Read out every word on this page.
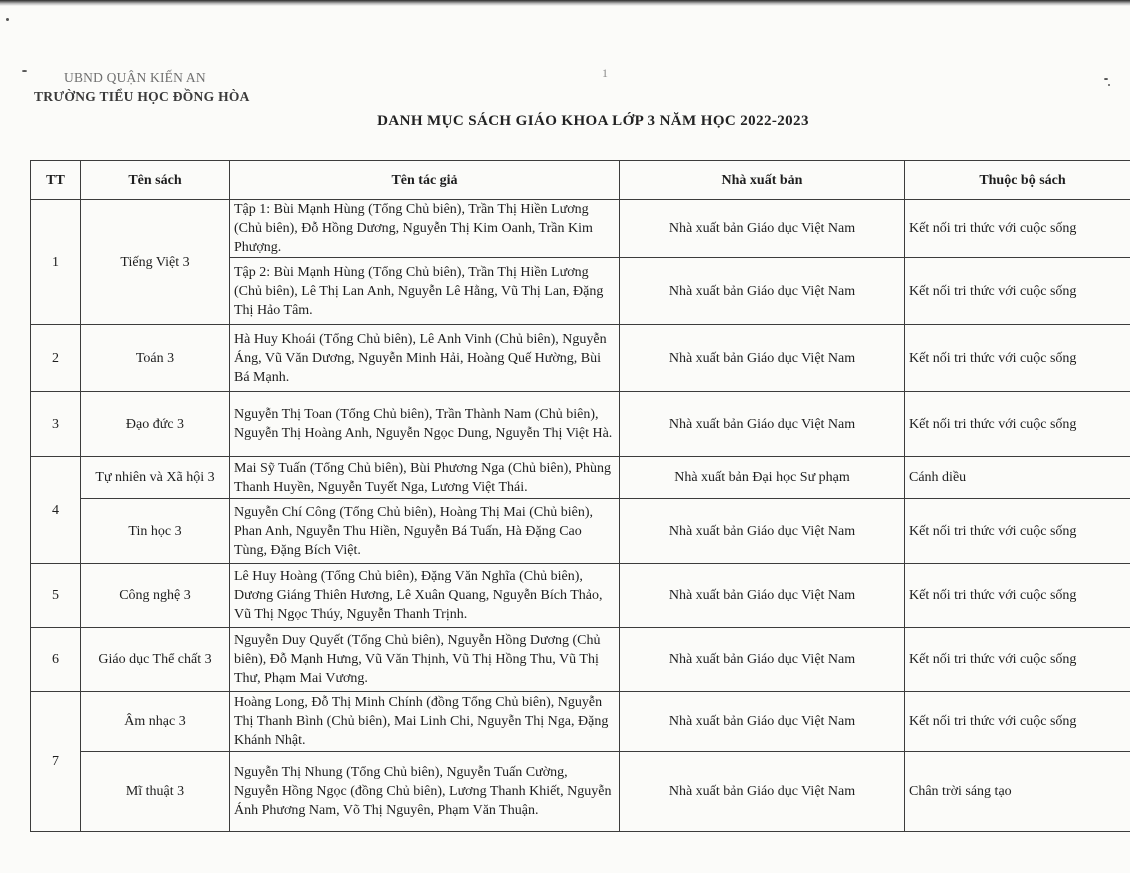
UBND QUẬN KIẾN AN
TRƯỜNG TIỂU HỌC ĐỒNG HÒA
1
DANH MỤC SÁCH GIÁO KHOA LỚP 3 NĂM HỌC 2022-2023
TT	Tên sách	Tên tác giả	Nhà xuất bản	Thuộc bộ sách
1	Tiếng Việt 3	Tập 1: Bùi Mạnh Hùng (Tổng Chủ biên), Trần Thị Hiền Lương (Chủ biên), Đỗ Hồng Dương, Nguyễn Thị Kim Oanh, Trần Kim Phượng.	Nhà xuất bản Giáo dục Việt Nam	Kết nối tri thức với cuộc sống
		Tập 2: Bùi Mạnh Hùng (Tổng Chủ biên), Trần Thị Hiền Lương (Chủ biên), Lê Thị Lan Anh, Nguyễn Lê Hằng, Vũ Thị Lan, Đặng Thị Hảo Tâm.	Nhà xuất bản Giáo dục Việt Nam	Kết nối tri thức với cuộc sống
2	Toán 3	Hà Huy Khoái (Tổng Chủ biên), Lê Anh Vinh (Chủ biên), Nguyễn Áng, Vũ Văn Dương, Nguyễn Minh Hải, Hoàng Quế Hường, Bùi Bá Mạnh.	Nhà xuất bản Giáo dục Việt Nam	Kết nối tri thức với cuộc sống
3	Đạo đức 3	Nguyễn Thị Toan (Tổng Chủ biên), Trần Thành Nam (Chủ biên), Nguyễn Thị Hoàng Anh, Nguyễn Ngọc Dung, Nguyễn Thị Việt Hà.	Nhà xuất bản Giáo dục Việt Nam	Kết nối tri thức với cuộc sống
4	Tự nhiên và Xã hội 3	Mai Sỹ Tuấn (Tổng Chủ biên), Bùi Phương Nga (Chủ biên), Phùng Thanh Huyền, Nguyễn Tuyết Nga, Lương Việt Thái.	Nhà xuất bản Đại học Sư phạm	Cánh diều
	Tin học 3	Nguyễn Chí Công (Tổng Chủ biên), Hoàng Thị Mai (Chủ biên), Phan Anh, Nguyễn Thu Hiền, Nguyễn Bá Tuấn, Hà Đặng Cao Tùng, Đặng Bích Việt.	Nhà xuất bản Giáo dục Việt Nam	Kết nối tri thức với cuộc sống
5	Công nghệ 3	Lê Huy Hoàng (Tổng Chủ biên), Đặng Văn Nghĩa (Chủ biên), Dương Giáng Thiên Hương, Lê Xuân Quang, Nguyễn Bích Thảo, Vũ Thị Ngọc Thúy, Nguyễn Thanh Trịnh.	Nhà xuất bản Giáo dục Việt Nam	Kết nối tri thức với cuộc sống
6	Giáo dục Thể chất 3	Nguyễn Duy Quyết (Tổng Chủ biên), Nguyễn Hồng Dương (Chủ biên), Đỗ Mạnh Hưng, Vũ Văn Thịnh, Vũ Thị Hồng Thu, Vũ Thị Thư, Phạm Mai Vương.	Nhà xuất bản Giáo dục Việt Nam	Kết nối tri thức với cuộc sống
7	Âm nhạc 3	Hoàng Long, Đỗ Thị Minh Chính (đồng Tổng Chủ biên), Nguyễn Thị Thanh Bình (Chủ biên), Mai Linh Chi, Nguyễn Thị Nga, Đặng Khánh Nhật.	Nhà xuất bản Giáo dục Việt Nam	Kết nối tri thức với cuộc sống
	Mĩ thuật 3	Nguyễn Thị Nhung (Tổng Chủ biên), Nguyễn Tuấn Cường, Nguyễn Hồng Ngọc (đồng Chủ biên), Lương Thanh Khiết, Nguyễn Ánh Phương Nam, Võ Thị Nguyên, Phạm Văn Thuận.	Nhà xuất bản Giáo dục Việt Nam	Chân trời sáng tạo
